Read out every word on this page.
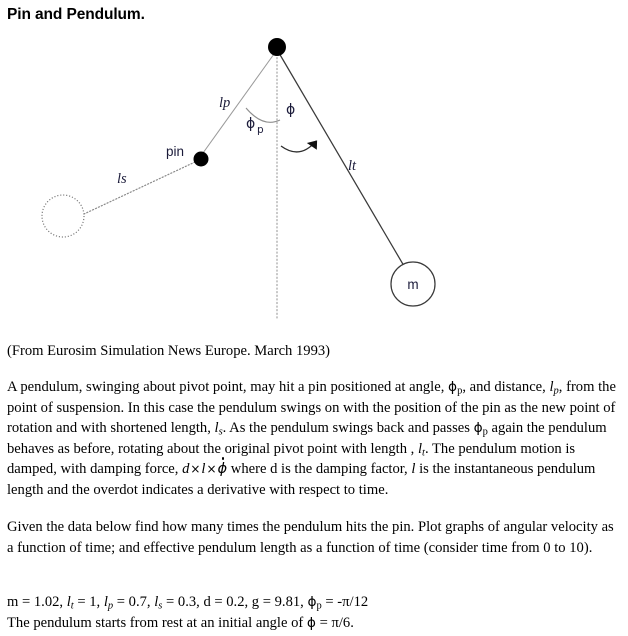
Pin and Pendulum.
m
lp
lt
ls
pin
ϕ
ϕ p
(From Eurosim Simulation News Europe. March 1993)
A pendulum, swinging about pivot point, may hit a pin positioned at angle, $\phi_p$, and distance, $l_p$, from the point of suspension. In this case the pendulum swings on with the position of the pin as the new point of rotation and with shortened length, $l_s$. As the pendulum swings back and passes $\phi_p$ again the pendulum behaves as before, rotating about the original pivot point with length , $l_t$. The pendulum motion is damped, with damping force, d×l×ϕ where d is the damping factor, l is the instantaneous pendulum length and the overdot indicates a derivative with respect to time.
Given the data below find how many times the pendulum hits the pin. Plot graphs of angular velocity as a function of time; and effective pendulum length as a function of time (consider time from 0 to 10).
m = 1.02, $l_t = 1$, $l_p = 0.7$, $l_s = 0.3$, d = 0.2, g = 9.81, $\phi_p = -\pi/12$
The pendulum starts from rest at an initial angle of ϕ = π/6.
